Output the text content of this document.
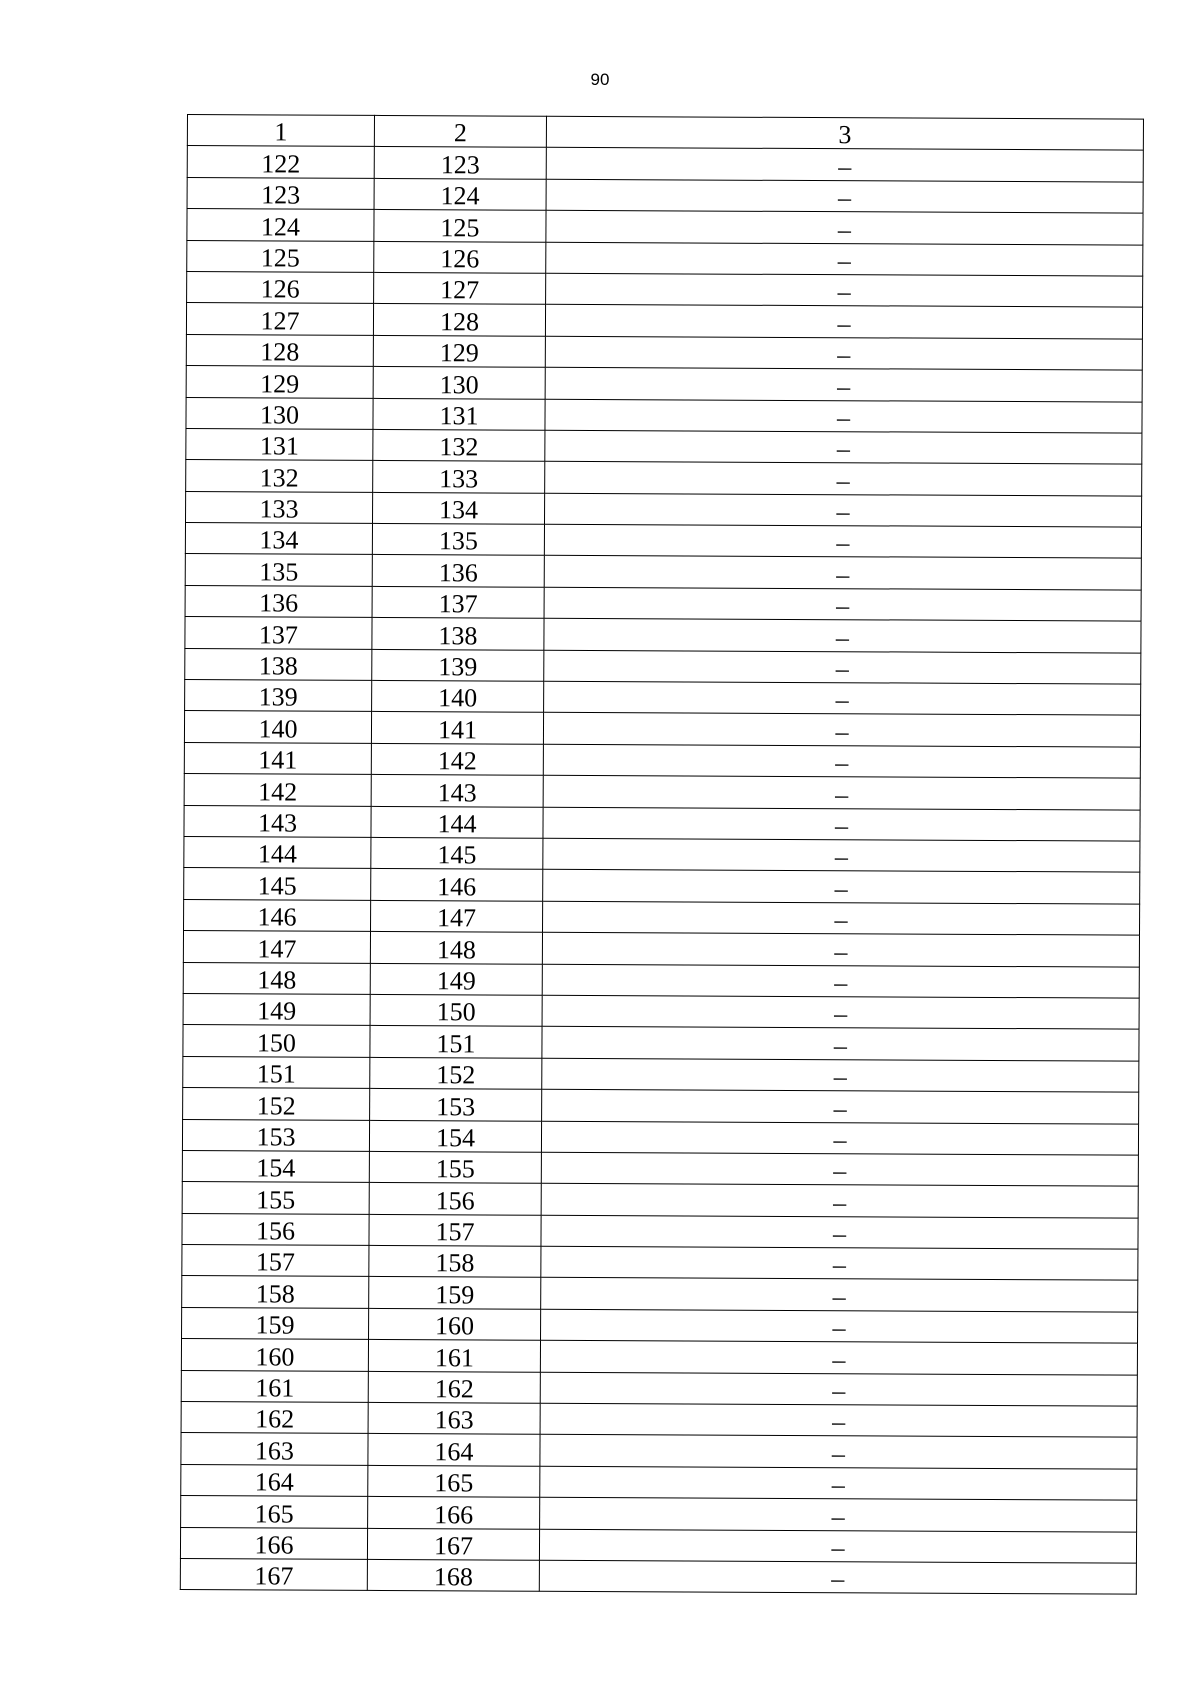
90
1	2	3
122	123	–
123	124	–
124	125	–
125	126	–
126	127	–
127	128	–
128	129	–
129	130	–
130	131	–
131	132	–
132	133	–
133	134	–
134	135	–
135	136	–
136	137	–
137	138	–
138	139	–
139	140	–
140	141	–
141	142	–
142	143	–
143	144	–
144	145	–
145	146	–
146	147	–
147	148	–
148	149	–
149	150	–
150	151	–
151	152	–
152	153	–
153	154	–
154	155	–
155	156	–
156	157	–
157	158	–
158	159	–
159	160	–
160	161	–
161	162	–
162	163	–
163	164	–
164	165	–
165	166	–
166	167	–
167	168	–
